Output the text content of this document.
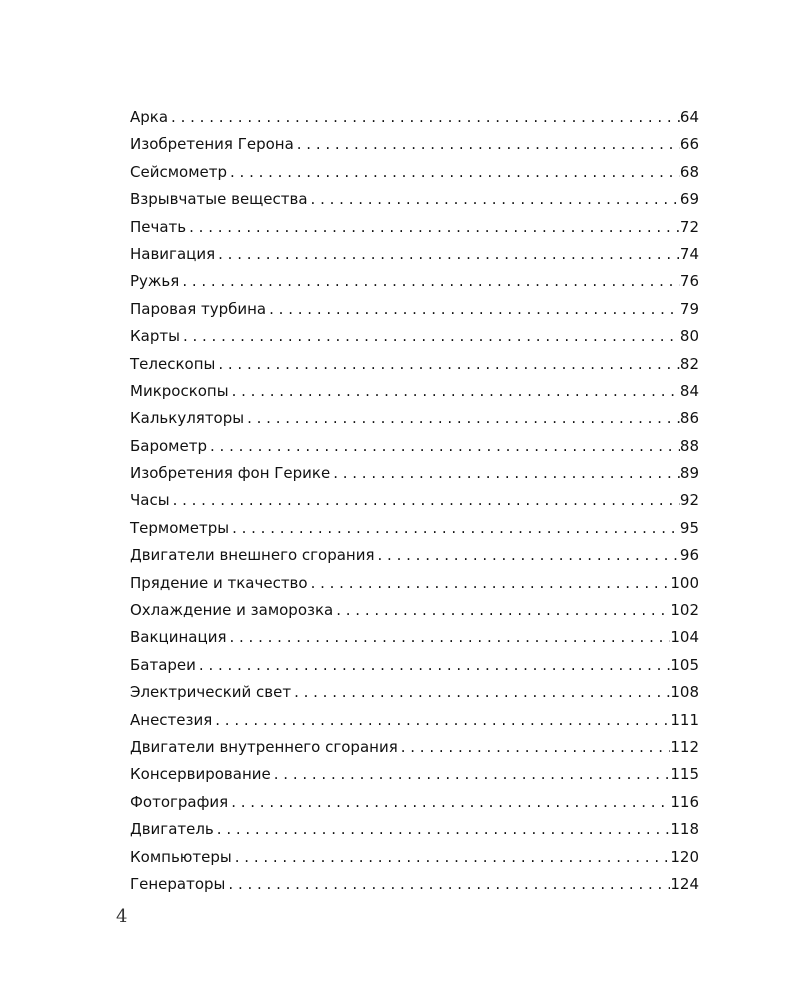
Арка . . .	64
Изобретения Герона . . .	66
Сейсмометр . . .	68
Взрывчатые вещества . . .	69
Печать . . .	72
Навигация . . .	74
Ружья . . .	76
Паровая турбина . . .	79
Карты . . .	80
Телескопы . . .	82
Микроскопы . . .	84
Калькуляторы . . .	86
Барометр . . .	88
Изобретения фон Герике . . .	89
Часы . . .	92
Термометры . . .	95
Двигатели внешнего сгорания . . .	96
Прядение и ткачество . . .	100
Охлаждение и заморозка . . .	102
Вакцинация . . .	104
Батареи . . .	105
Электрический свет . . .	108
Анестезия . . .	111
Двигатели внутреннего сгорания . . .	112
Консервирование . . .	115
Фотография . . .	116
Двигатель . . .	118
Компьютеры . . .	120
Генераторы . . .	124

4
